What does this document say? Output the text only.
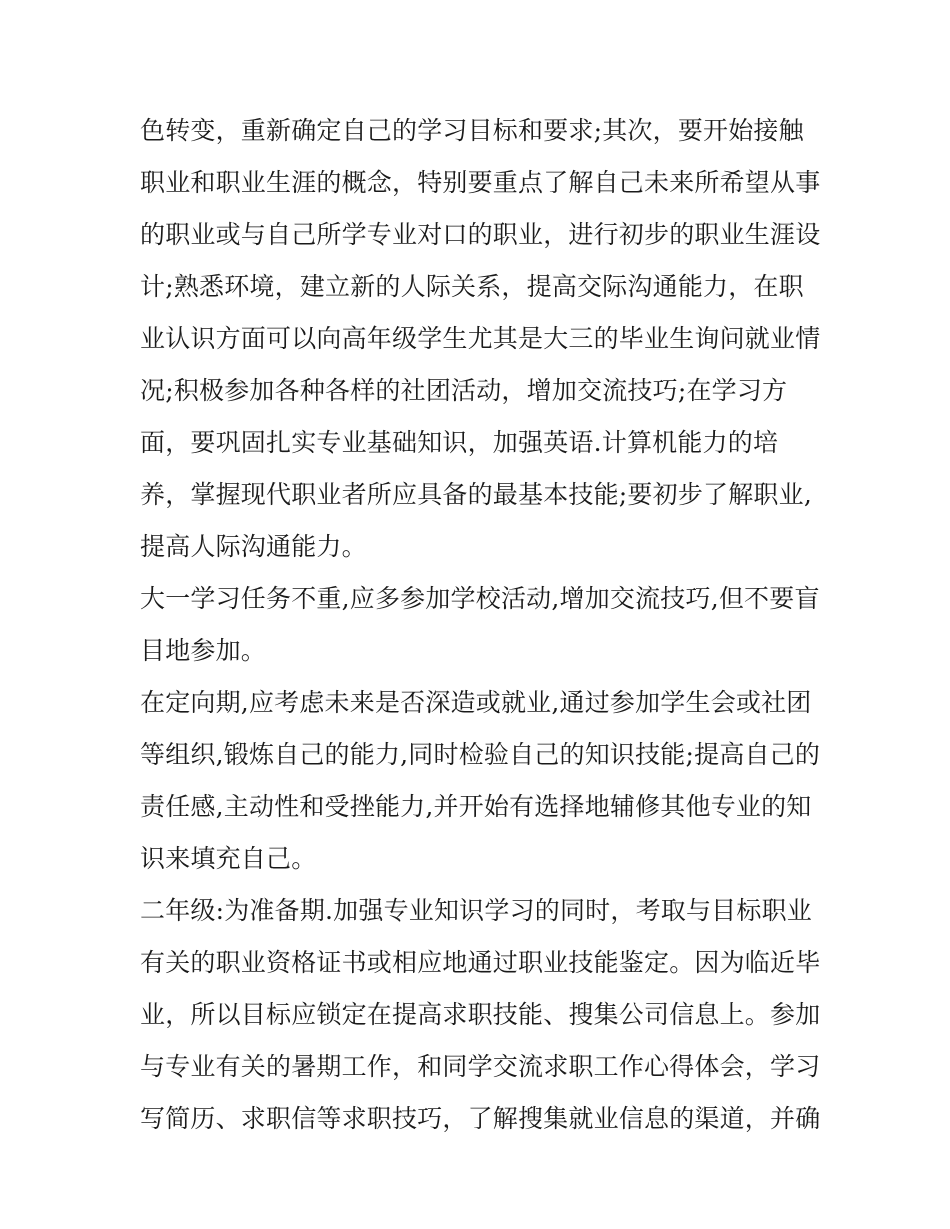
色转变，重新确定自己的学习目标和要求;其次，要开始接触
职业和职业生涯的概念，特别要重点了解自己未来所希望从事
的职业或与自己所学专业对口的职业，进行初步的职业生涯设
计;熟悉环境，建立新的人际关系，提高交际沟通能力，在职
业认识方面可以向高年级学生尤其是大三的毕业生询问就业情
况;积极参加各种各样的社团活动，增加交流技巧;在学习方
面，要巩固扎实专业基础知识，加强英语.计算机能力的培
养，掌握现代职业者所应具备的最基本技能;要初步了解职业,
提高人际沟通能力。
大一学习任务不重,应多参加学校活动,增加交流技巧,但不要盲
目地参加。
在定向期,应考虑未来是否深造或就业,通过参加学生会或社团
等组织,锻炼自己的能力,同时检验自己的知识技能;提高自己的
责任感,主动性和受挫能力,并开始有选择地辅修其他专业的知
识来填充自己。
二年级:为准备期.加强专业知识学习的同时，考取与目标职业
有关的职业资格证书或相应地通过职业技能鉴定。因为临近毕
业，所以目标应锁定在提高求职技能、搜集公司信息上。参加
与专业有关的暑期工作，和同学交流求职工作心得体会，学习
写简历、求职信等求职技巧，了解搜集就业信息的渠道，并确
